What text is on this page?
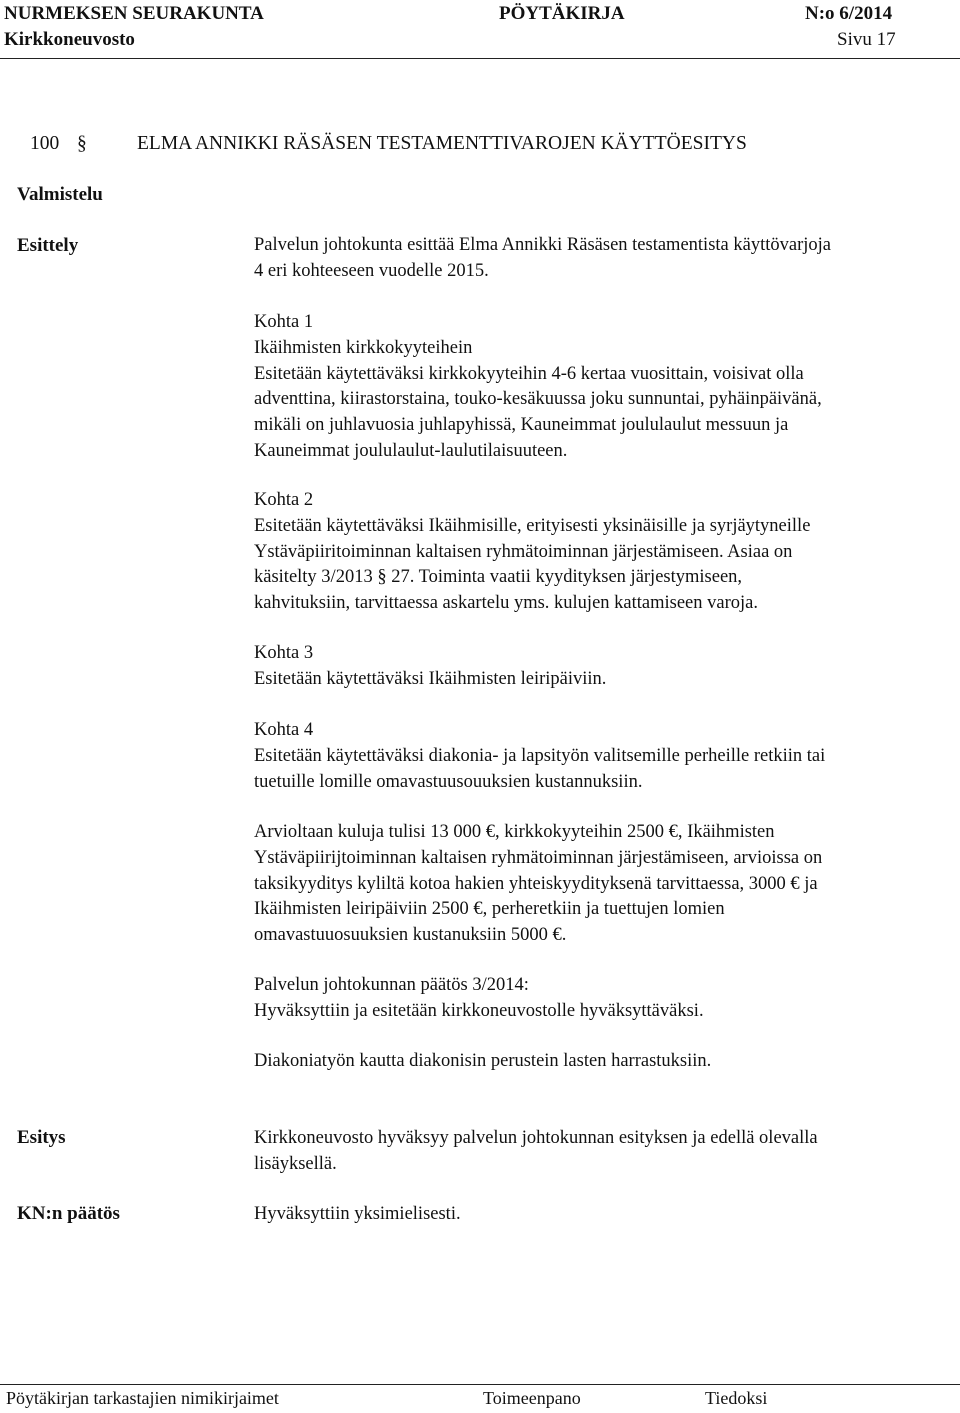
NURMEKSEN SEURAKUNTA	PÖYTÄKIRJA	N:o 6/2014
Kirkkoneuvosto	Sivu 17
100 §	ELMA ANNIKKI RÄSÄSEN TESTAMENTTIVAROJEN KÄYTTÖESITYS
Valmistelu
Esittely	Palvelun johtokunta esittää Elma Annikki Räsäsen testamentista käyttövarjoja

4 eri kohteeseen vuodelle 2015.

Kohta 1

Ikäihmisten kirkkokyyteihein

Esitetään käytettäväksi kirkkokyyteihin 4-6 kertaa vuosittain, voisivat olla

adventtina, kiirastorstaina, touko-kesäkuussa joku sunnuntai, pyhäinpäivänä,

mikäli on juhlavuosia juhlapyhissä, Kauneimmat joululaulut messuun ja

Kauneimmat joululaulut-laulutilaisuuteen.

Kohta 2

Esitetään käytettäväksi Ikäihmisille, erityisesti yksinäisille ja syrjäytyneille

Ystäväpiiritoiminnan kaltaisen ryhmätoiminnan järjestämiseen. Asiaa on

käsitelty 3/2013 § 27. Toiminta vaatii kyydityksen järjestymiseen,

kahvituksiin, tarvittaessa askartelu yms. kulujen kattamiseen varoja.

Kohta 3

Esitetään käytettäväksi Ikäihmisten leiripäiviin.

Kohta 4

Esitetään käytettäväksi diakonia- ja lapsityön valitsemille perheille retkiin tai

tuetuille lomille omavastuusouuksien kustannuksiin.

Arvioltaan kuluja tulisi 13 000 €, kirkkokyyteihin 2500 €, Ikäihmisten

Ystäväpiirijtoiminnan kaltaisen ryhmätoiminnan järjestämiseen, arvioissa on

taksikyyditys kyliltä kotoa hakien yhteiskyydityksenä tarvittaessa, 3000 € ja

Ikäihmisten leiripäiviin 2500 €, perheretkiin ja tuettujen lomien

omavastuuosuuksien kustanuksiin 5000 €.

Palvelun johtokunnan päätös 3/2014:

Hyväksyttiin ja esitetään kirkkoneuvostolle hyväksyttäväksi.

Diakoniatyön kautta diakonisin perustein lasten harrastuksiin.

Esitys	Kirkkoneuvosto hyväksyy palvelun johtokunnan esityksen ja edellä olevalla

lisäyksellä.

KN:n päätös	Hyväksyttiin yksimielisesti.

Pöytäkirjan tarkastajien nimikirjaimet	Toimeenpano	Tiedoksi
